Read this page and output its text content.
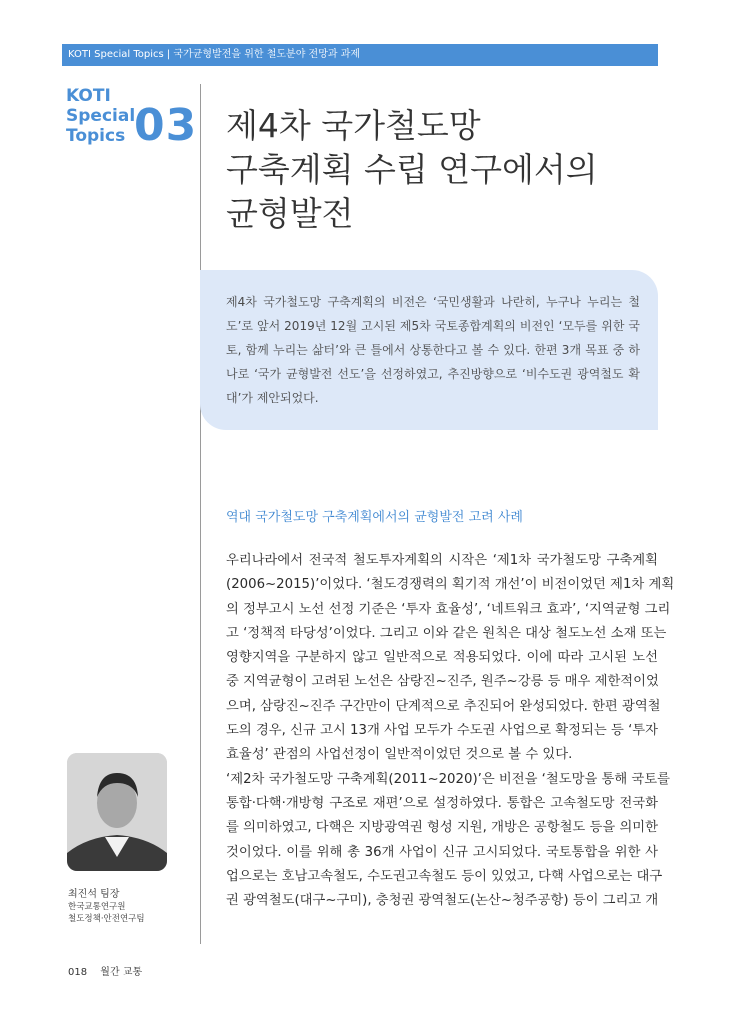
KOTI Special Topics | 국가균형발전을 위한 철도분야 전망과 과제
KOTI
Special
Topics 03 제4차 국가철도망
구축계획 수립 연구에서의
균형발전

제4차 국가철도망 구축계획의 비전은 ‘국민생활과 나란히, 누구나 누리는 철도’로 앞서 2019년 12월 고시된 제5차 국토종합계획의 비전인 ‘모두를 위한 국토, 함께 누리는 삶터’와 큰 틀에서 상통한다고 볼 수 있다. 한편 3개 목표 중 하나로 ‘국가 균형발전 선도’을 선정하였고, 추진방향으로 ‘비수도권 광역철도 확대’가 제안되었다.

역대 국가철도망 구축계획에서의 균형발전 고려 사례
우리나라에서 전국적 철도투자계획의 시작은 ‘제1차 국가철도망 구축계획
(2006~2015)’이었다. ‘철도경쟁력의 획기적 개선’이 비전이었던 제1차 계획
의 정부고시 노선 선정 기준은 ‘투자 효율성’, ‘네트워크 효과’, ‘지역균형 그리
고 ‘정책적 타당성’이었다. 그리고 이와 같은 원칙은 대상 철도노선 소재 또는
영향지역을 구분하지 않고 일반적으로 적용되었다. 이에 따라 고시된 노선
중 지역균형이 고려된 노선은 삼랑진~진주, 원주~강릉 등 매우 제한적이었
으며, 삼랑진~진주 구간만이 단계적으로 추진되어 완성되었다. 한편 광역철
도의 경우, 신규 고시 13개 사업 모두가 수도권 사업으로 확정되는 등 ‘투자
효율성’ 관점의 사업선정이 일반적이었던 것으로 볼 수 있다.
‘제2차 국가철도망 구축계획(2011~2020)’은 비전을 ‘철도망을 통해 국토를
통합·다핵·개방형 구조로 재편’으로 설정하였다. 통합은 고속철도망 전국화
를 의미하였고, 다핵은 지방광역권 형성 지원, 개방은 공항철도 등을 의미한
것이었다. 이를 위해 총 36개 사업이 신규 고시되었다. 국토통합을 위한 사
업으로는 호남고속철도, 수도권고속철도 등이 있었고, 다핵 사업으로는 대구
권 광역철도(대구~구미), 충청권 광역철도(논산~청주공항) 등이 그리고 개
최진석 팀장
한국교통연구원
철도정책·안전연구팀
018 월간 교통
